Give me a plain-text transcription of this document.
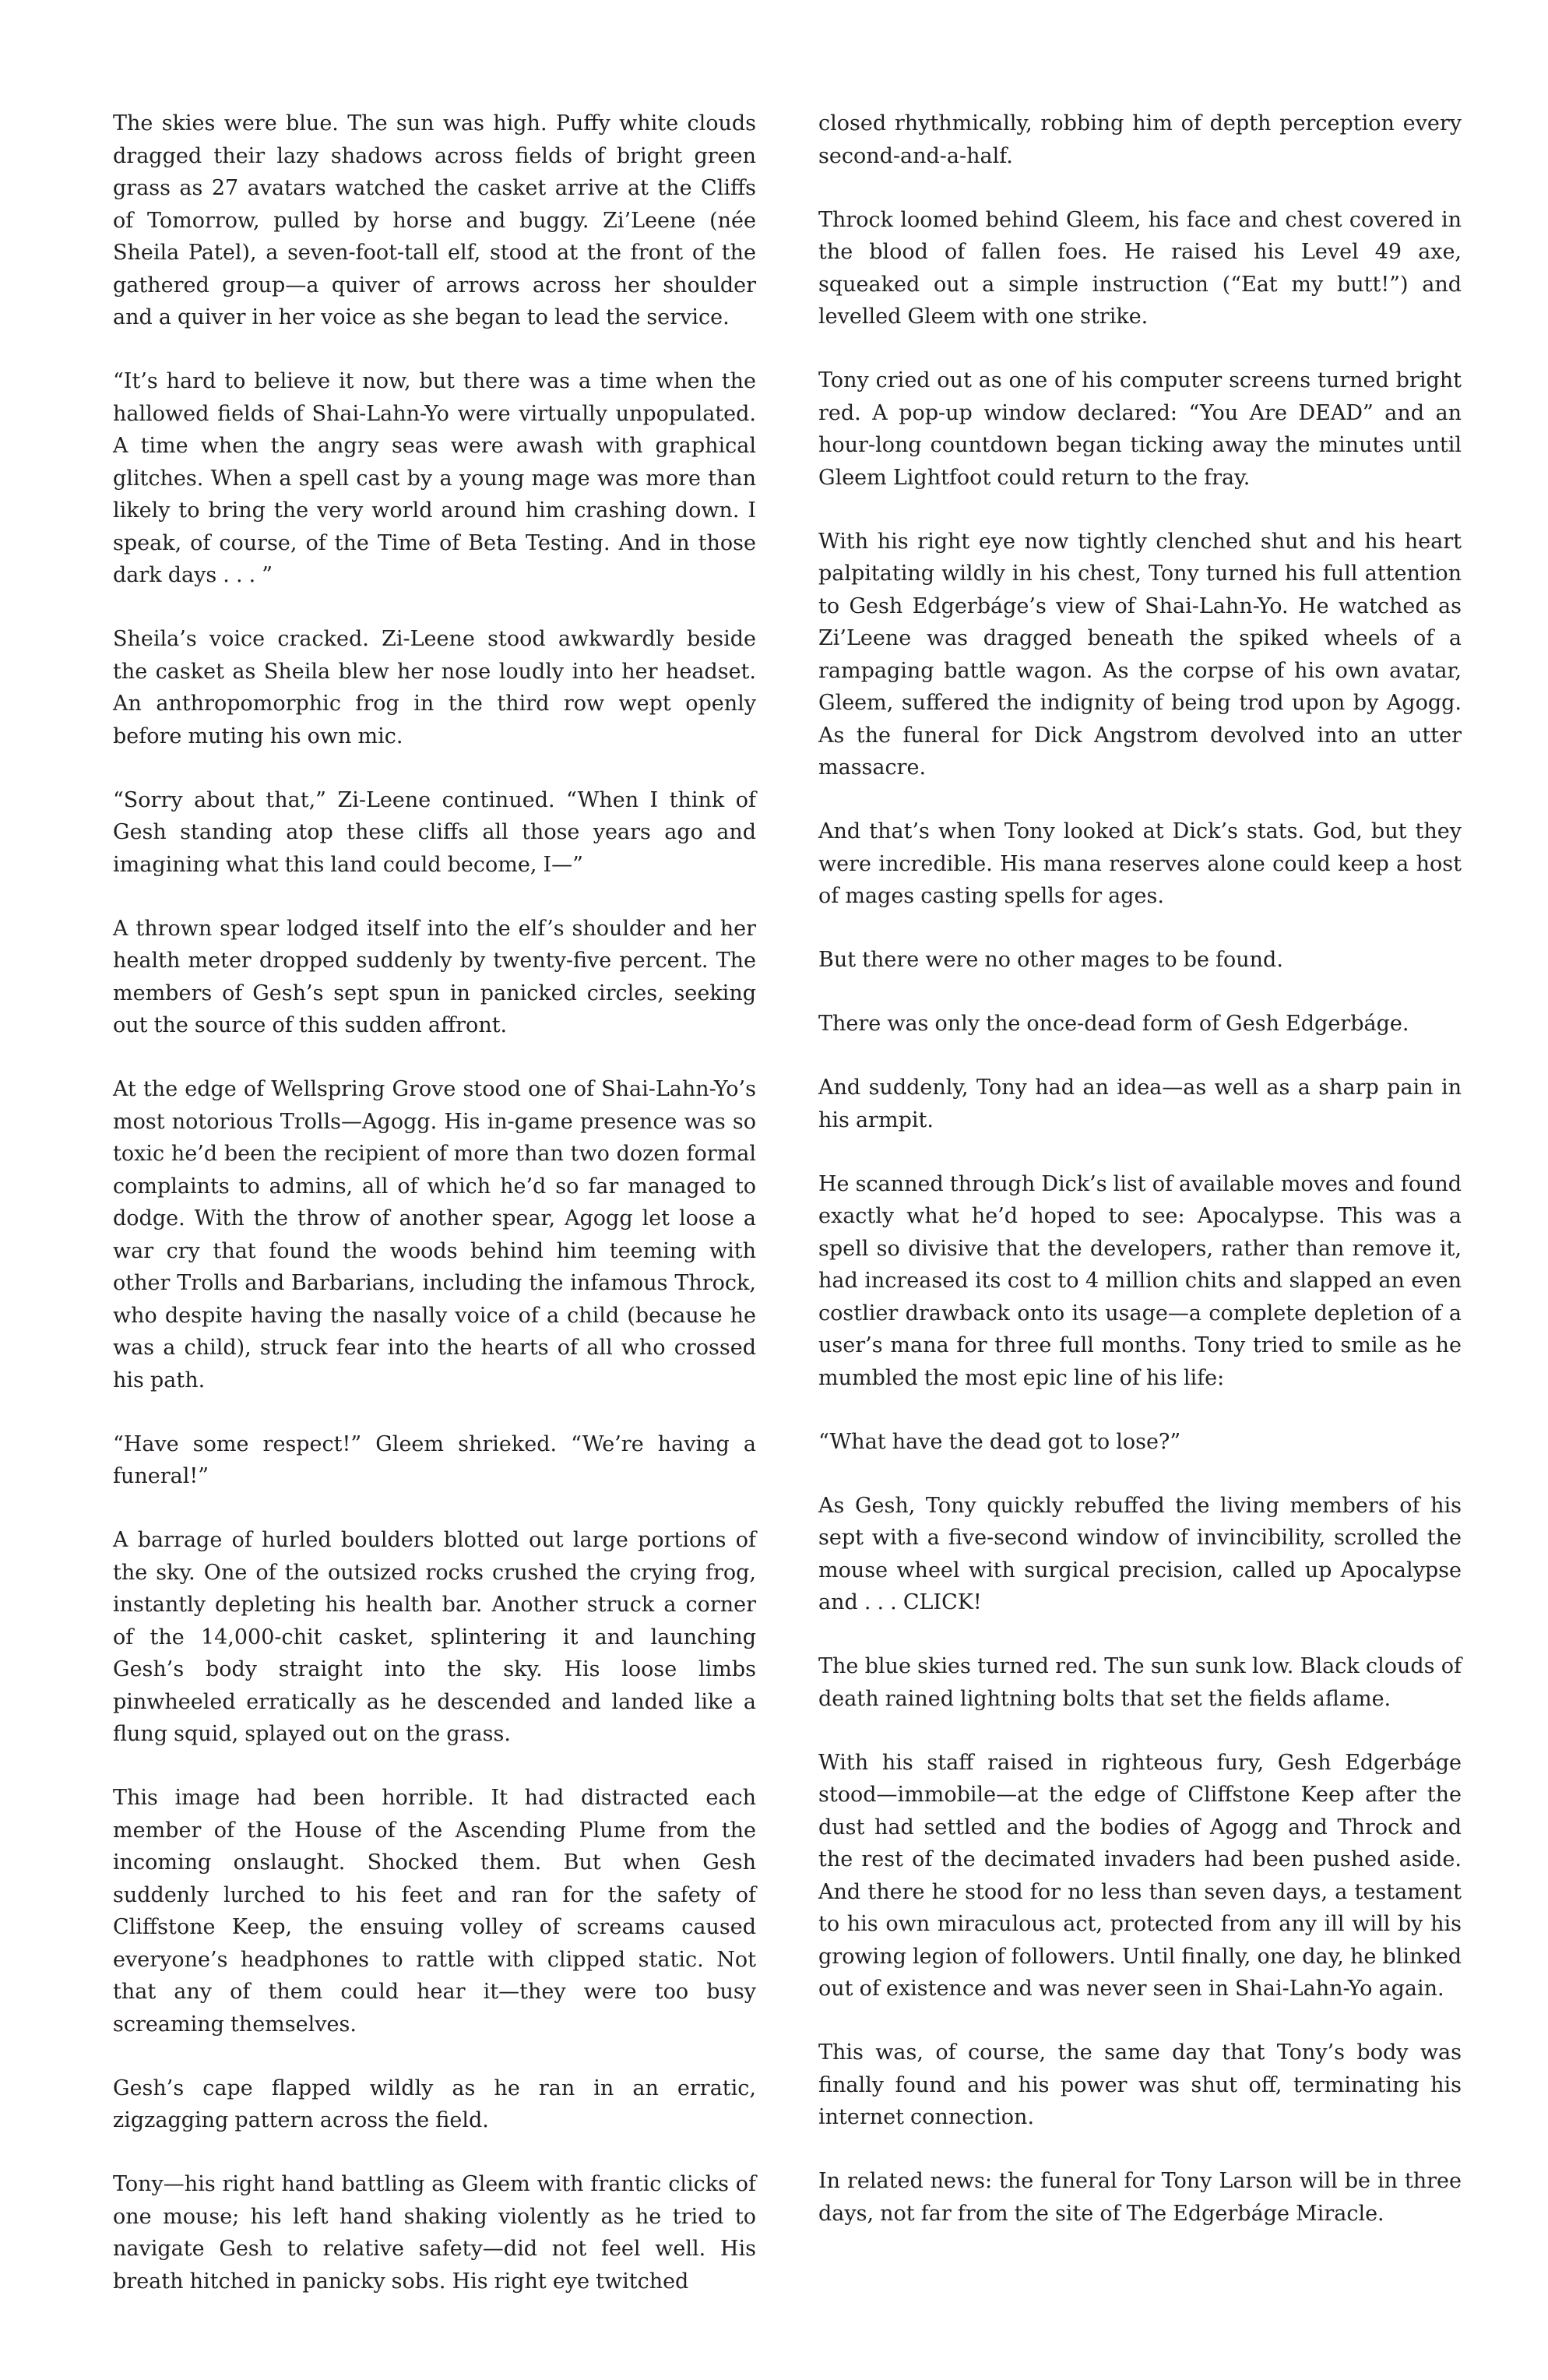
The skies were blue. The sun was high. Puffy white clouds dragged their lazy shadows across fields of bright green grass as 27 avatars watched the casket arrive at the Cliffs of Tomorrow, pulled by horse and buggy. Zi’Leene (née Sheila Patel), a seven-foot-tall elf, stood at the front of the gathered group—a quiver of arrows across her shoulder and a quiver in her voice as she began to lead the service.

“It’s hard to believe it now, but there was a time when the hallowed fields of Shai-Lahn-Yo were virtually unpopulated. A time when the angry seas were awash with graphical glitches. When a spell cast by a young mage was more than likely to bring the very world around him crashing down. I speak, of course, of the Time of Beta Testing. And in those dark days . . . ”

Sheila’s voice cracked. Zi-Leene stood awkwardly beside the casket as Sheila blew her nose loudly into her headset. An anthropomorphic frog in the third row wept openly before muting his own mic.

“Sorry about that,” Zi-Leene continued. “When I think of Gesh standing atop these cliffs all those years ago and imagining what this land could become, I—”

A thrown spear lodged itself into the elf’s shoulder and her health meter dropped suddenly by twenty-five percent. The members of Gesh’s sept spun in panicked circles, seeking out the source of this sudden affront.

At the edge of Wellspring Grove stood one of Shai-Lahn-Yo’s most notorious Trolls—Agogg. His in-game presence was so toxic he’d been the recipient of more than two dozen formal complaints to admins, all of which he’d so far managed to dodge. With the throw of another spear, Agogg let loose a war cry that found the woods behind him teeming with other Trolls and Barbarians, including the infamous Throck, who despite having the nasally voice of a child (because he was a child), struck fear into the hearts of all who crossed his path.

“Have some respect!” Gleem shrieked. “We’re having a funeral!”

A barrage of hurled boulders blotted out large portions of the sky. One of the outsized rocks crushed the crying frog, instantly depleting his health bar. Another struck a corner of the 14,000-chit casket, splintering it and launching Gesh’s body straight into the sky. His loose limbs pinwheeled erratically as he descended and landed like a flung squid, splayed out on the grass.

This image had been horrible. It had distracted each member of the House of the Ascending Plume from the incoming onslaught. Shocked them. But when Gesh suddenly lurched to his feet and ran for the safety of Cliffstone Keep, the ensuing volley of screams caused everyone’s headphones to rattle with clipped static. Not that any of them could hear it—they were too busy screaming themselves.

Gesh’s cape flapped wildly as he ran in an erratic, zigzagging pattern across the field.

Tony—his right hand battling as Gleem with frantic clicks of one mouse; his left hand shaking violently as he tried to navigate Gesh to relative safety—did not feel well. His breath hitched in panicky sobs. His right eye twitched

closed rhythmically, robbing him of depth perception every second-and-a-half.

Throck loomed behind Gleem, his face and chest covered in the blood of fallen foes. He raised his Level 49 axe, squeaked out a simple instruction (“Eat my butt!”) and levelled Gleem with one strike.

Tony cried out as one of his computer screens turned bright red. A pop-up window declared: “You Are DEAD” and an hour-long countdown began ticking away the minutes until Gleem Lightfoot could return to the fray.

With his right eye now tightly clenched shut and his heart palpitating wildly in his chest, Tony turned his full attention to Gesh Edgerbáge’s view of Shai-Lahn-Yo. He watched as Zi’Leene was dragged beneath the spiked wheels of a rampaging battle wagon. As the corpse of his own avatar, Gleem, suffered the indignity of being trod upon by Agogg. As the funeral for Dick Angstrom devolved into an utter massacre.

And that’s when Tony looked at Dick’s stats. God, but they were incredible. His mana reserves alone could keep a host of mages casting spells for ages.

But there were no other mages to be found.

There was only the once-dead form of Gesh Edgerbáge.

And suddenly, Tony had an idea—as well as a sharp pain in his armpit.

He scanned through Dick’s list of available moves and found exactly what he’d hoped to see: Apocalypse. This was a spell so divisive that the developers, rather than remove it, had increased its cost to 4 million chits and slapped an even costlier drawback onto its usage—a complete depletion of a user’s mana for three full months. Tony tried to smile as he mumbled the most epic line of his life:

“What have the dead got to lose?”

As Gesh, Tony quickly rebuffed the living members of his sept with a five-second window of invincibility, scrolled the mouse wheel with surgical precision, called up Apocalypse and . . . CLICK!

The blue skies turned red. The sun sunk low. Black clouds of death rained lightning bolts that set the fields aflame.

With his staff raised in righteous fury, Gesh Edgerbáge stood—immobile—at the edge of Cliffstone Keep after the dust had settled and the bodies of Agogg and Throck and the rest of the decimated invaders had been pushed aside. And there he stood for no less than seven days, a testament to his own miraculous act, protected from any ill will by his growing legion of followers. Until finally, one day, he blinked out of existence and was never seen in Shai-Lahn-Yo again.

This was, of course, the same day that Tony’s body was finally found and his power was shut off, terminating his internet connection.

In related news: the funeral for Tony Larson will be in three days, not far from the site of The Edgerbáge Miracle.
